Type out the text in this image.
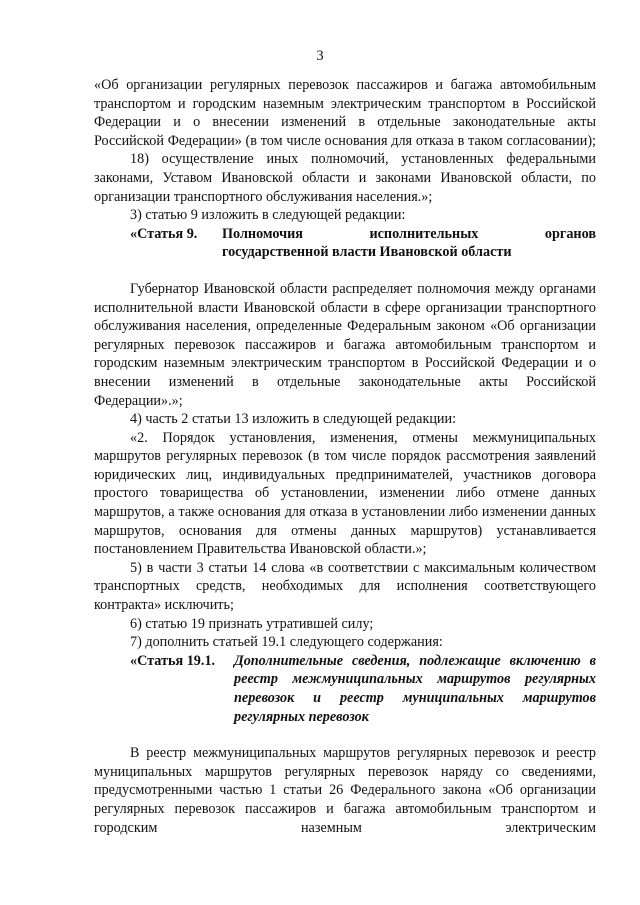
3

«Об организации регулярных перевозок пассажиров и багажа автомобильным транспортом и городским наземным электрическим транспортом в Российской Федерации и о внесении изменений в отдельные законодательные акты Российской Федерации» (в том числе основания для отказа в таком согласовании);

18) осуществление иных полномочий, установленных федеральными законами, Уставом Ивановской области и законами Ивановской области, по организации транспортного обслуживания населения.»;

3) статью 9 изложить в следующей редакции:

«Статья 9.	Полномочия исполнительных органов
государственной власти Ивановской области

Губернатор Ивановской области распределяет полномочия между органами исполнительной власти Ивановской области в сфере организации транспортного обслуживания населения, определенные Федеральным законом «Об организации регулярных перевозок пассажиров и багажа автомобильным транспортом и городским наземным электрическим транспортом в Российской Федерации и о внесении изменений в отдельные законодательные акты Российской Федерации».»;

4) часть 2 статьи 13 изложить в следующей редакции:

«2. Порядок установления, изменения, отмены межмуниципальных маршрутов регулярных перевозок (в том числе порядок рассмотрения заявлений юридических лиц, индивидуальных предпринимателей, участников договора простого товарищества об установлении, изменении либо отмене данных маршрутов, а также основания для отказа в установлении либо изменении данных маршрутов, основания для отмены данных маршрутов) устанавливается постановлением Правительства Ивановской области.»;

5) в части 3 статьи 14 слова «в соответствии с максимальным количеством транспортных средств, необходимых для исполнения соответствующего контракта» исключить;

6) статью 19 признать утратившей силу;

7) дополнить статьей 19.1 следующего содержания:

«Статья 19.1.	Дополнительные сведения, подлежащие включению в реестр межмуниципальных маршрутов регулярных перевозок и реестр муниципальных маршрутов регулярных перевозок

В реестр межмуниципальных маршрутов регулярных перевозок и реестр муниципальных маршрутов регулярных перевозок наряду со сведениями, предусмотренными частью 1 статьи 26 Федерального закона «Об организации регулярных перевозок пассажиров и багажа автомобильным транспортом и городским наземным электрическим
